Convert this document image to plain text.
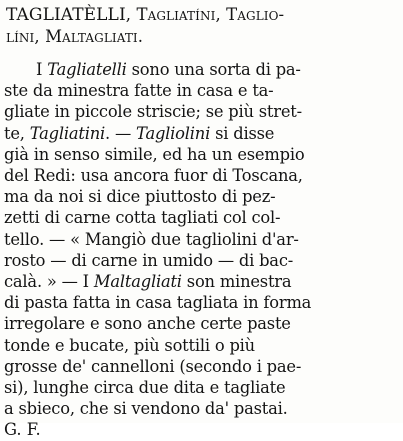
TAGLIATÈLLI, Tagliatíni, Taglio-
líni, Maltagliati.
I Tagliatelli sono una sorta di pa-
ste da minestra fatte in casa e ta-
gliate in piccole striscie; se più stret-
te, Tagliatini. — Tagliolini si disse
già in senso simile, ed ha un esempio
del Redi: usa ancora fuor di Toscana,
ma da noi si dice piuttosto di pez-
zetti di carne cotta tagliati col col-
tello. — « Mangiò due tagliolini d'ar-
rosto — di carne in umido — di bac-
calà. » — I Maltagliati son minestra
di pasta fatta in casa tagliata in forma
irregolare e sono anche certe paste
tonde e bucate, più sottili o più
grosse de' cannelloni (secondo i pae-
si), lunghe circa due dita e tagliate
a sbieco, che si vendono da' pastai.
G. F.
